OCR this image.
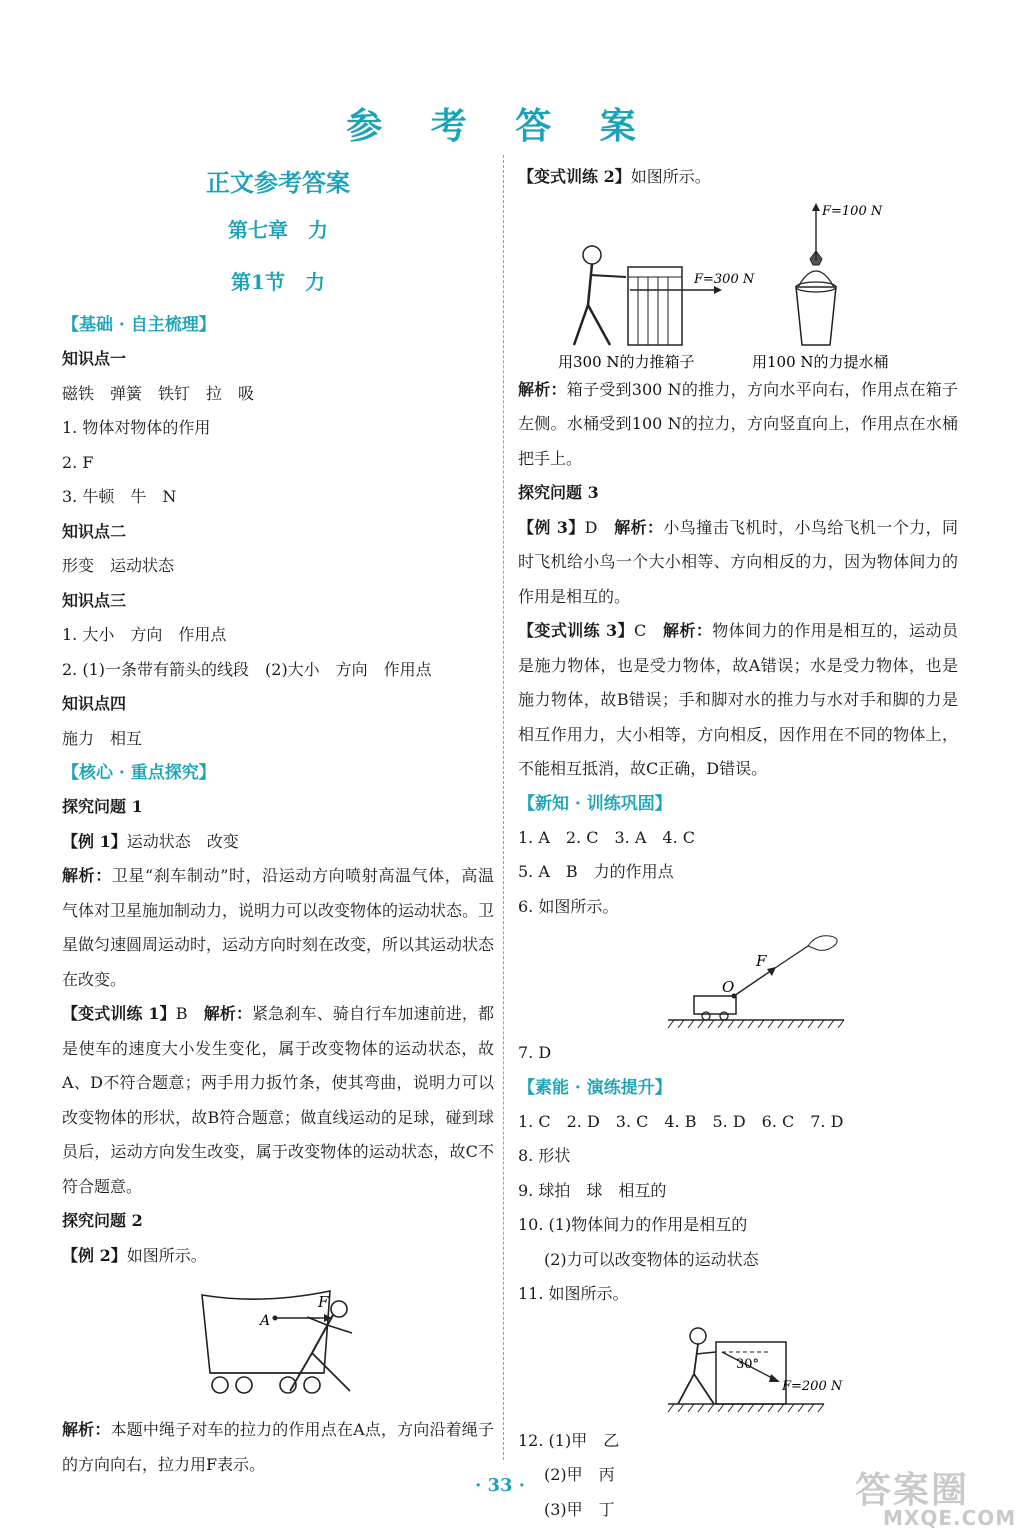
参 考 答 案
正文参考答案
第七章　力
第1节　力
【基础 · 自主梳理】
知识点一
磁铁　弹簧　铁钉　拉　吸
1. 物体对物体的作用
2. F
3. 牛顿　牛　N
知识点二
形变　运动状态
知识点三
1. 大小　方向　作用点
2. (1)一条带有箭头的线段　(2)大小　方向　作用点
知识点四
施力　相互
【核心 · 重点探究】
探究问题 1
【例 1】运动状态　改变
解析：卫星“刹车制动”时，沿运动方向喷射高温气体，高温气体对卫星施加制动力，说明力可以改变物体的运动状态。卫星做匀速圆周运动时，运动方向时刻在改变，所以其运动状态在改变。
【变式训练 1】B　解析：紧急刹车、骑自行车加速前进，都是使车的速度大小发生变化，属于改变物体的运动状态，故A、D不符合题意；两手用力扳竹条，使其弯曲，说明力可以改变物体的形状，故B符合题意；做直线运动的足球，碰到球员后，运动方向发生改变，属于改变物体的运动状态，故C不符合题意。
探究问题 2
【例 2】如图所示。
A
F
解析：本题中绳子对车的拉力的作用点在A点，方向沿着绳子的方向向右，拉力用F表示。
【变式训练 2】如图所示。
F=300 N
F=100 N
用300 N的力推箱子	用100 N的力提水桶
解析：箱子受到300 N的推力，方向水平向右，作用点在箱子左侧。水桶受到100 N的拉力，方向竖直向上，作用点在水桶把手上。
探究问题 3
【例 3】D　解析：小鸟撞击飞机时，小鸟给飞机一个力，同时飞机给小鸟一个大小相等、方向相反的力，因为物体间力的作用是相互的。
【变式训练 3】C　解析：物体间力的作用是相互的，运动员是施力物体，也是受力物体，故A错误；水是受力物体，也是施力物体，故B错误；手和脚对水的推力与水对手和脚的力是相互作用力，大小相等，方向相反，因作用在不同的物体上，不能相互抵消，故C正确，D错误。
【新知 · 训练巩固】
1. A　2. C　3. A　4. C
5. A　B　力的作用点
6. 如图所示。
O
F
7. D
【素能 · 演练提升】
1. C　2. D　3. C　4. B　5. D　6. C　7. D
8. 形状
9. 球拍　球　相互的
10. (1)物体间力的作用是相互的
(2)力可以改变物体的运动状态
11. 如图所示。
30°
F=200 N
12. (1)甲　乙
(2)甲　丙
(3)甲　丁
· 33 ·	答案圈
MXQE.COM
